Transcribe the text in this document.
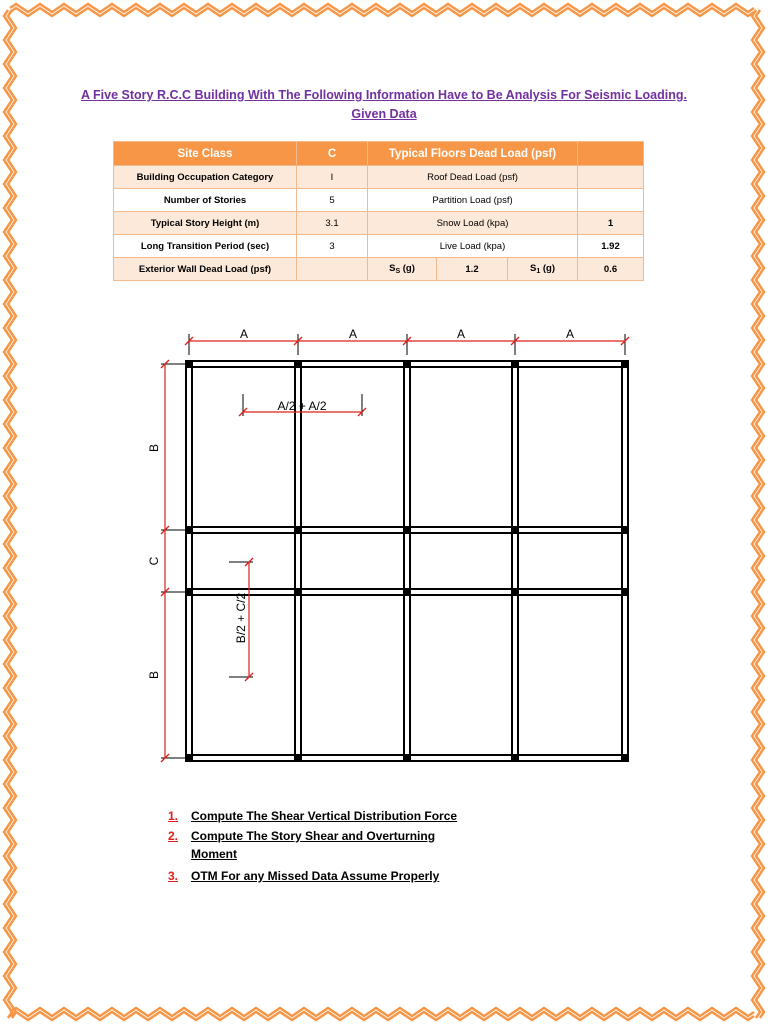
A Five Story R.C.C Building With The Following Information Have to Be Analysis For Seismic Loading.
Given Data
Site Class	C	Typical Floors Dead Load (psf)			
Building Occupation Category	I	Roof Dead Load (psf)			
Number of Stories	5	Partition Load (psf)			
Typical Story Height (m)	3.1	Snow Load (kpa)			1
Long Transition Period (sec)	3	Live Load (kpa)			1.92
Exterior Wall Dead Load (psf)		$S_S$ (g)	1.2	$S_1$ (g)	0.6
A	A	A	A
B
C
B
A/2 + A/2
B/2 + C/2
1. Compute The Shear Vertical Distribution Force
2. Compute The Story Shear and Overturning Moment
3. OTM For any Missed Data Assume Properly
